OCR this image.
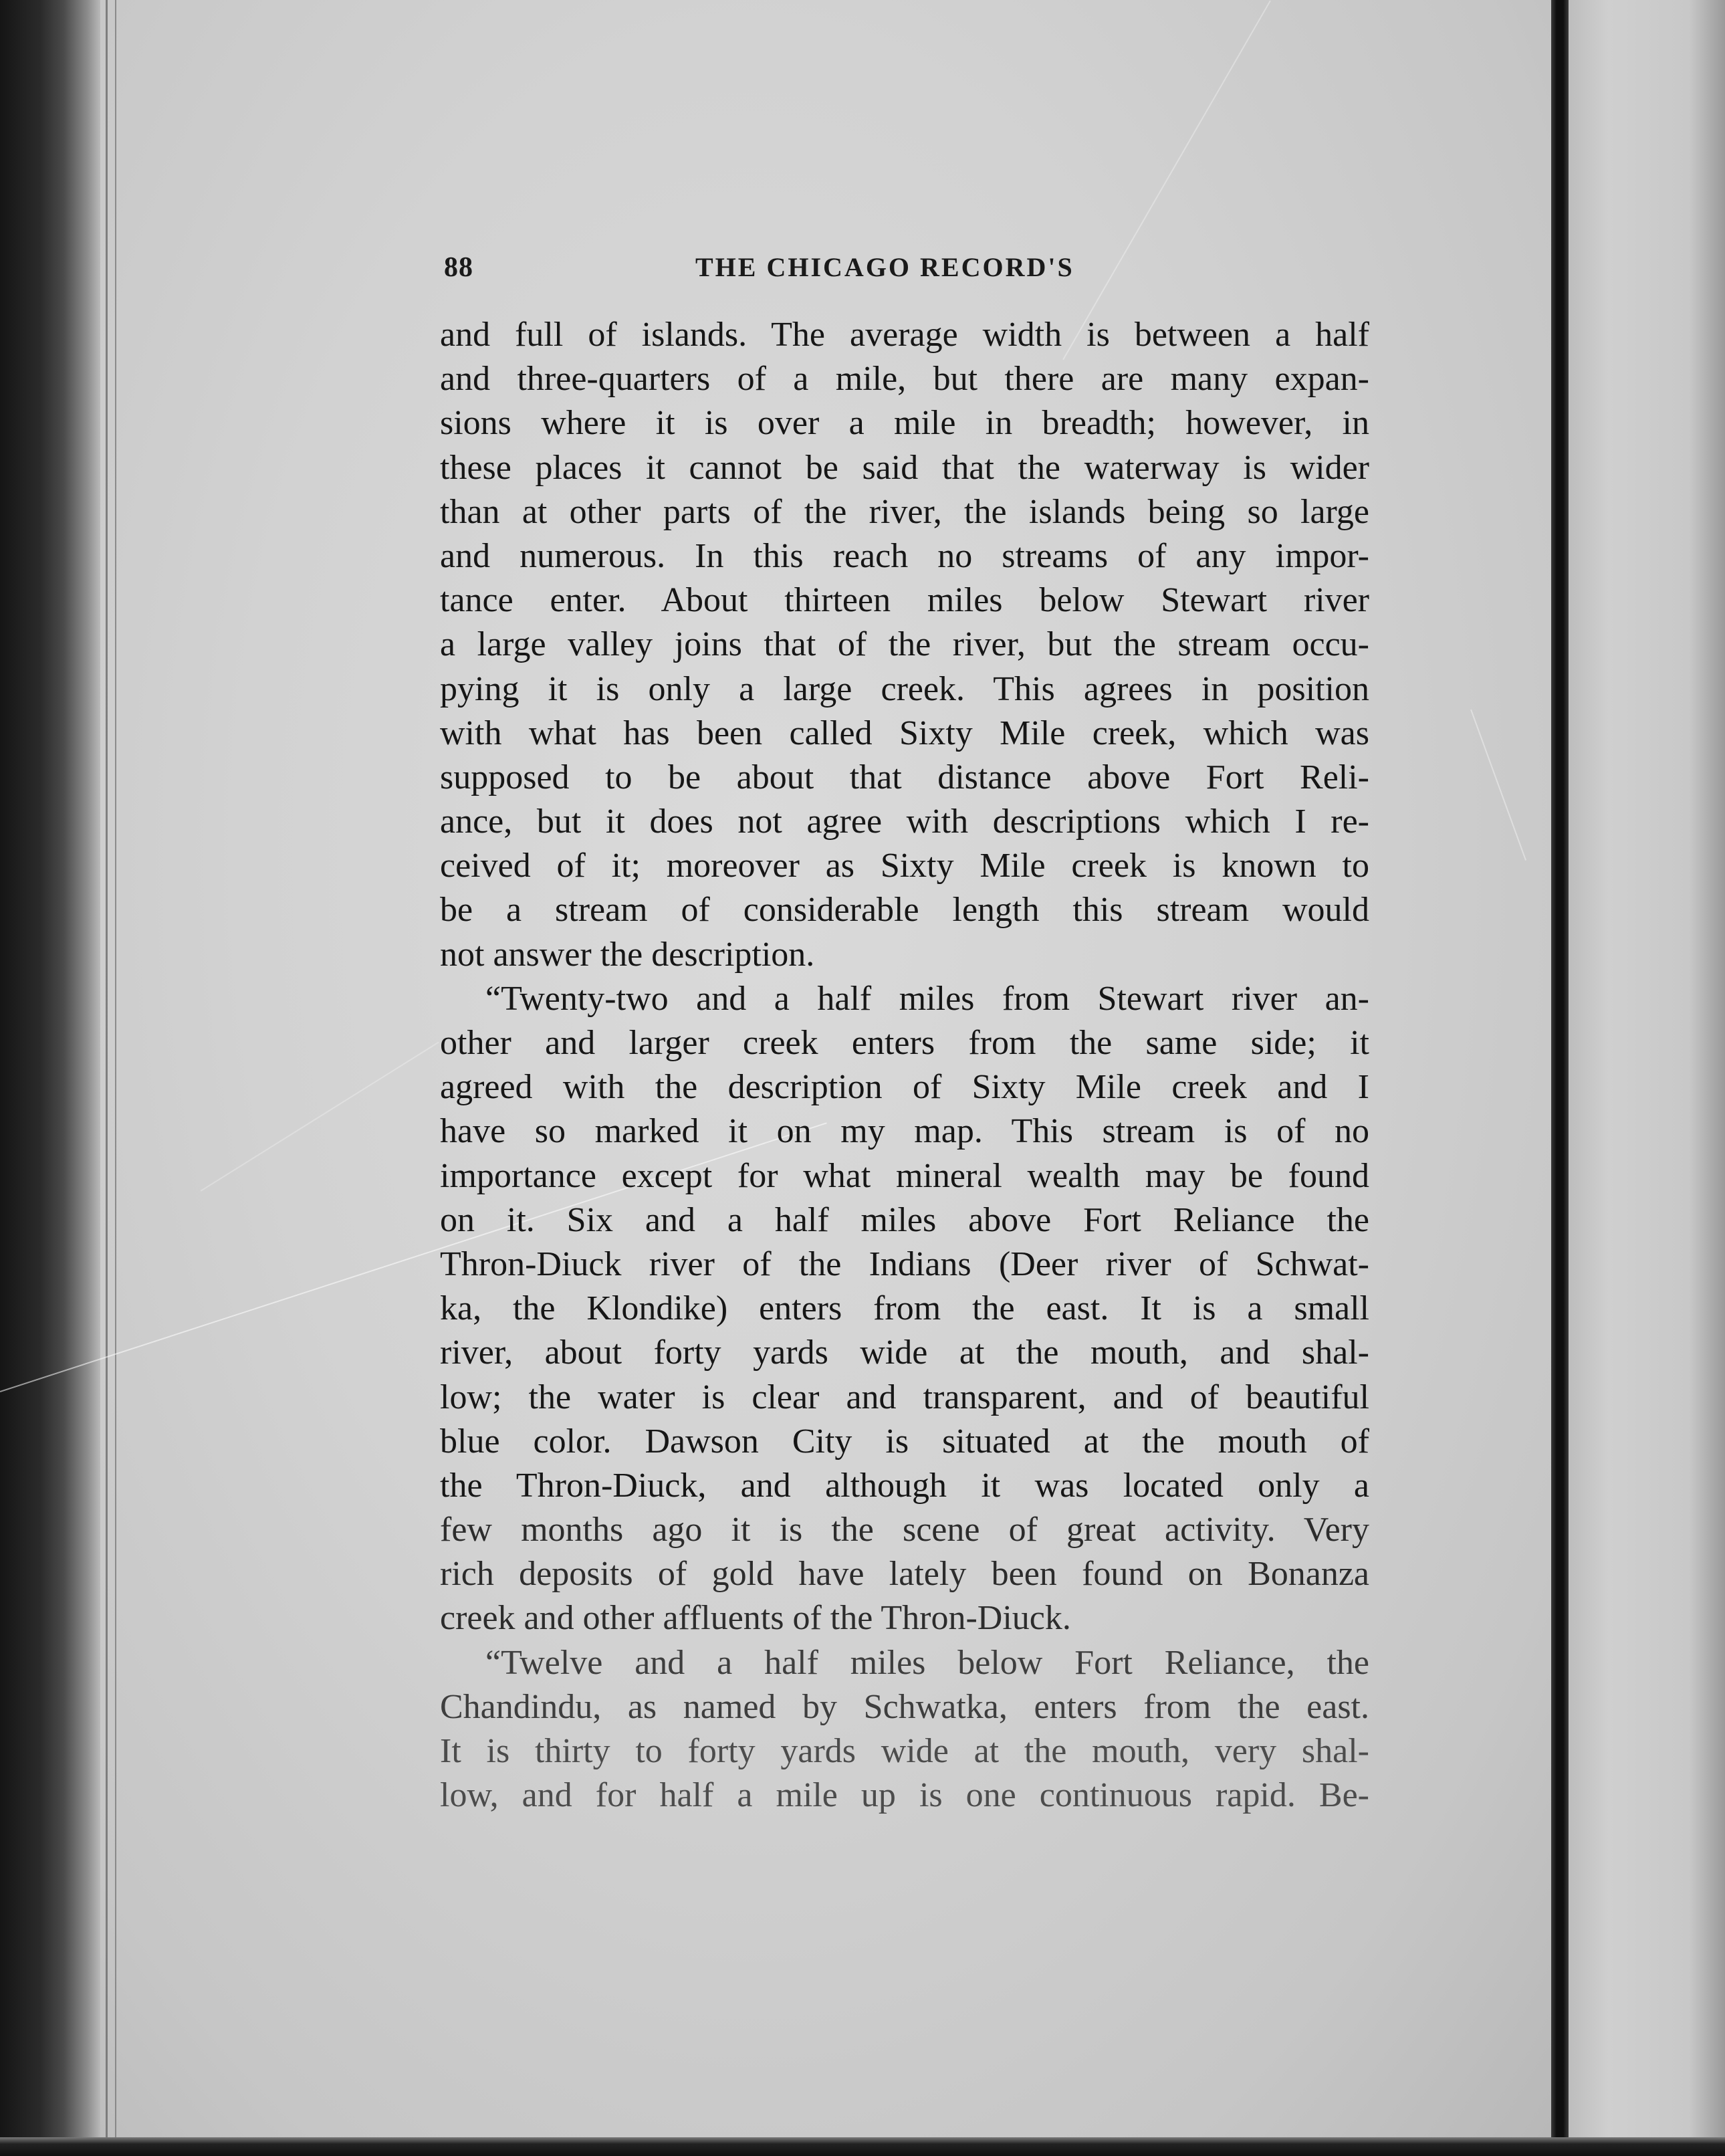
88	THE CHICAGO RECORD'S
and full of islands. The average width is between a half
and three-quarters of a mile, but there are many expan-
sions where it is over a mile in breadth; however, in
these places it cannot be said that the waterway is wider
than at other parts of the river, the islands being so large
and numerous. In this reach no streams of any impor-
tance enter. About thirteen miles below Stewart river
a large valley joins that of the river, but the stream occu-
pying it is only a large creek. This agrees in position
with what has been called Sixty Mile creek, which was
supposed to be about that distance above Fort Reli-
ance, but it does not agree with descriptions which I re-
ceived of it; moreover as Sixty Mile creek is known to
be a stream of considerable length this stream would
not answer the description.
“Twenty-two and a half miles from Stewart river an-
other and larger creek enters from the same side; it
agreed with the description of Sixty Mile creek and I
have so marked it on my map. This stream is of no
importance except for what mineral wealth may be found
on it. Six and a half miles above Fort Reliance the
Thron-Diuck river of the Indians (Deer river of Schwat-
ka, the Klondike) enters from the east. It is a small
river, about forty yards wide at the mouth, and shal-
low; the water is clear and transparent, and of beautiful
blue color. Dawson City is situated at the mouth of
the Thron-Diuck, and although it was located only a
few months ago it is the scene of great activity. Very
rich deposits of gold have lately been found on Bonanza
creek and other affluents of the Thron-Diuck.
“Twelve and a half miles below Fort Reliance, the
Chandindu, as named by Schwatka, enters from the east.
It is thirty to forty yards wide at the mouth, very shal-
low, and for half a mile up is one continuous rapid. Be-
